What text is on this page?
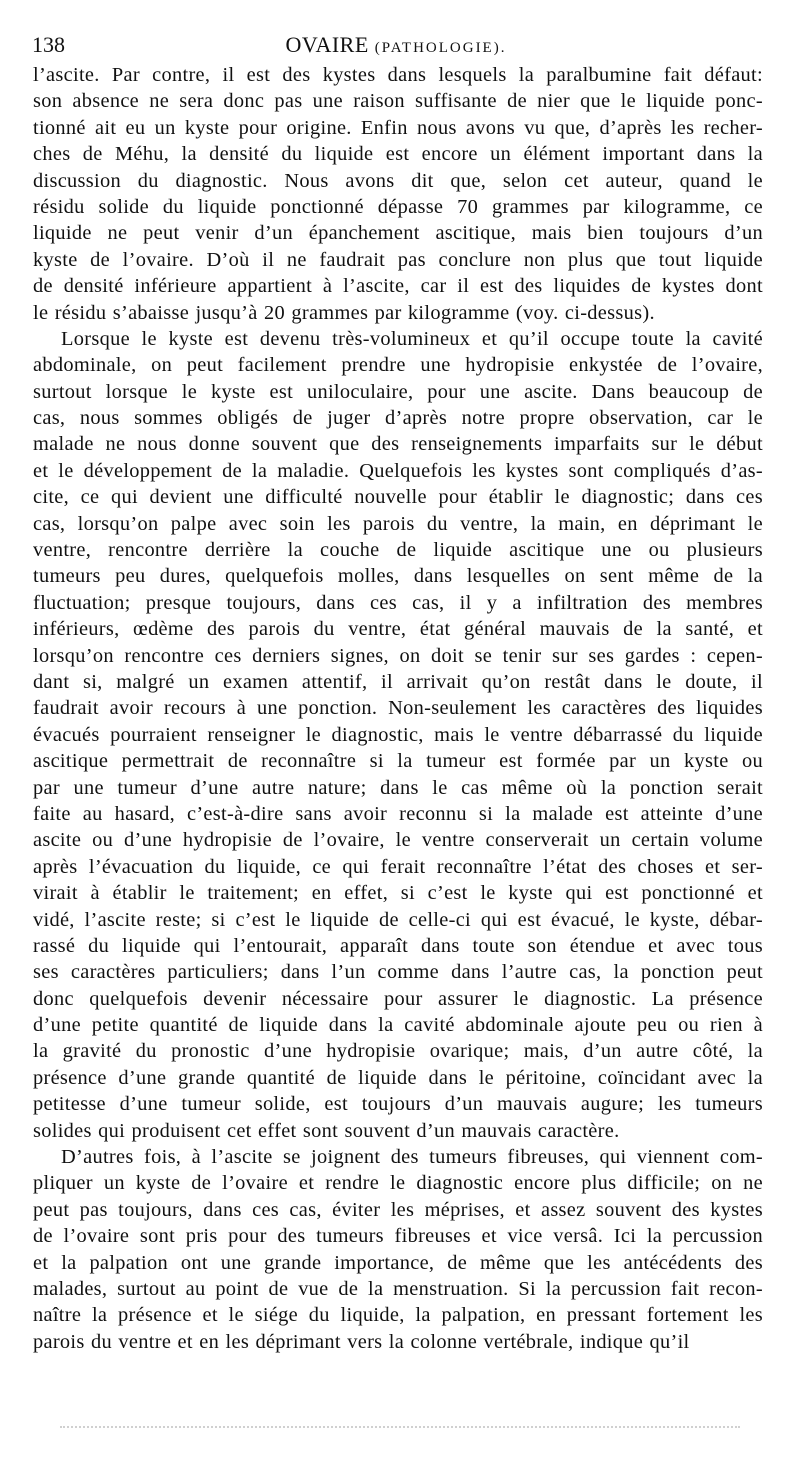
138	OVAIRE (PATHOLOGIE).
l’ascite. Par contre, il est des kystes dans lesquels la paralbumine fait défaut:
son absence ne sera donc pas une raison suffisante de nier que le liquide ponc-
tionné ait eu un kyste pour origine. Enfin nous avons vu que, d’après les recher-
ches de Méhu, la densité du liquide est encore un élément important dans la
discussion du diagnostic. Nous avons dit que, selon cet auteur, quand le
résidu solide du liquide ponctionné dépasse 70 grammes par kilogramme, ce
liquide ne peut venir d’un épanchement ascitique, mais bien toujours d’un
kyste de l’ovaire. D’où il ne faudrait pas conclure non plus que tout liquide
de densité inférieure appartient à l’ascite, car il est des liquides de kystes dont
le résidu s’abaisse jusqu’à 20 grammes par kilogramme (voy. ci-dessus).
Lorsque le kyste est devenu très-volumineux et qu’il occupe toute la cavité
abdominale, on peut facilement prendre une hydropisie enkystée de l’ovaire,
surtout lorsque le kyste est uniloculaire, pour une ascite. Dans beaucoup de
cas, nous sommes obligés de juger d’après notre propre observation, car le
malade ne nous donne souvent que des renseignements imparfaits sur le début
et le développement de la maladie. Quelquefois les kystes sont compliqués d’as-
cite, ce qui devient une difficulté nouvelle pour établir le diagnostic; dans ces
cas, lorsqu’on palpe avec soin les parois du ventre, la main, en déprimant le
ventre, rencontre derrière la couche de liquide ascitique une ou plusieurs
tumeurs peu dures, quelquefois molles, dans lesquelles on sent même de la
fluctuation; presque toujours, dans ces cas, il y a infiltration des membres
inférieurs, œdème des parois du ventre, état général mauvais de la santé, et
lorsqu’on rencontre ces derniers signes, on doit se tenir sur ses gardes : cepen-
dant si, malgré un examen attentif, il arrivait qu’on restât dans le doute, il
faudrait avoir recours à une ponction. Non-seulement les caractères des liquides
évacués pourraient renseigner le diagnostic, mais le ventre débarrassé du liquide
ascitique permettrait de reconnaître si la tumeur est formée par un kyste ou
par une tumeur d’une autre nature; dans le cas même où la ponction serait
faite au hasard, c’est-à-dire sans avoir reconnu si la malade est atteinte d’une
ascite ou d’une hydropisie de l’ovaire, le ventre conserverait un certain volume
après l’évacuation du liquide, ce qui ferait reconnaître l’état des choses et ser-
virait à établir le traitement; en effet, si c’est le kyste qui est ponctionné et
vidé, l’ascite reste; si c’est le liquide de celle-ci qui est évacué, le kyste, débar-
rassé du liquide qui l’entourait, apparaît dans toute son étendue et avec tous
ses caractères particuliers; dans l’un comme dans l’autre cas, la ponction peut
donc quelquefois devenir nécessaire pour assurer le diagnostic. La présence
d’une petite quantité de liquide dans la cavité abdominale ajoute peu ou rien à
la gravité du pronostic d’une hydropisie ovarique; mais, d’un autre côté, la
présence d’une grande quantité de liquide dans le péritoine, coïncidant avec la
petitesse d’une tumeur solide, est toujours d’un mauvais augure; les tumeurs
solides qui produisent cet effet sont souvent d’un mauvais caractère.
D’autres fois, à l’ascite se joignent des tumeurs fibreuses, qui viennent com-
pliquer un kyste de l’ovaire et rendre le diagnostic encore plus difficile; on ne
peut pas toujours, dans ces cas, éviter les méprises, et assez souvent des kystes
de l’ovaire sont pris pour des tumeurs fibreuses et vice versâ. Ici la percussion
et la palpation ont une grande importance, de même que les antécédents des
malades, surtout au point de vue de la menstruation. Si la percussion fait recon-
naître la présence et le siége du liquide, la palpation, en pressant fortement les
parois du ventre et en les déprimant vers la colonne vertébrale, indique qu’il
